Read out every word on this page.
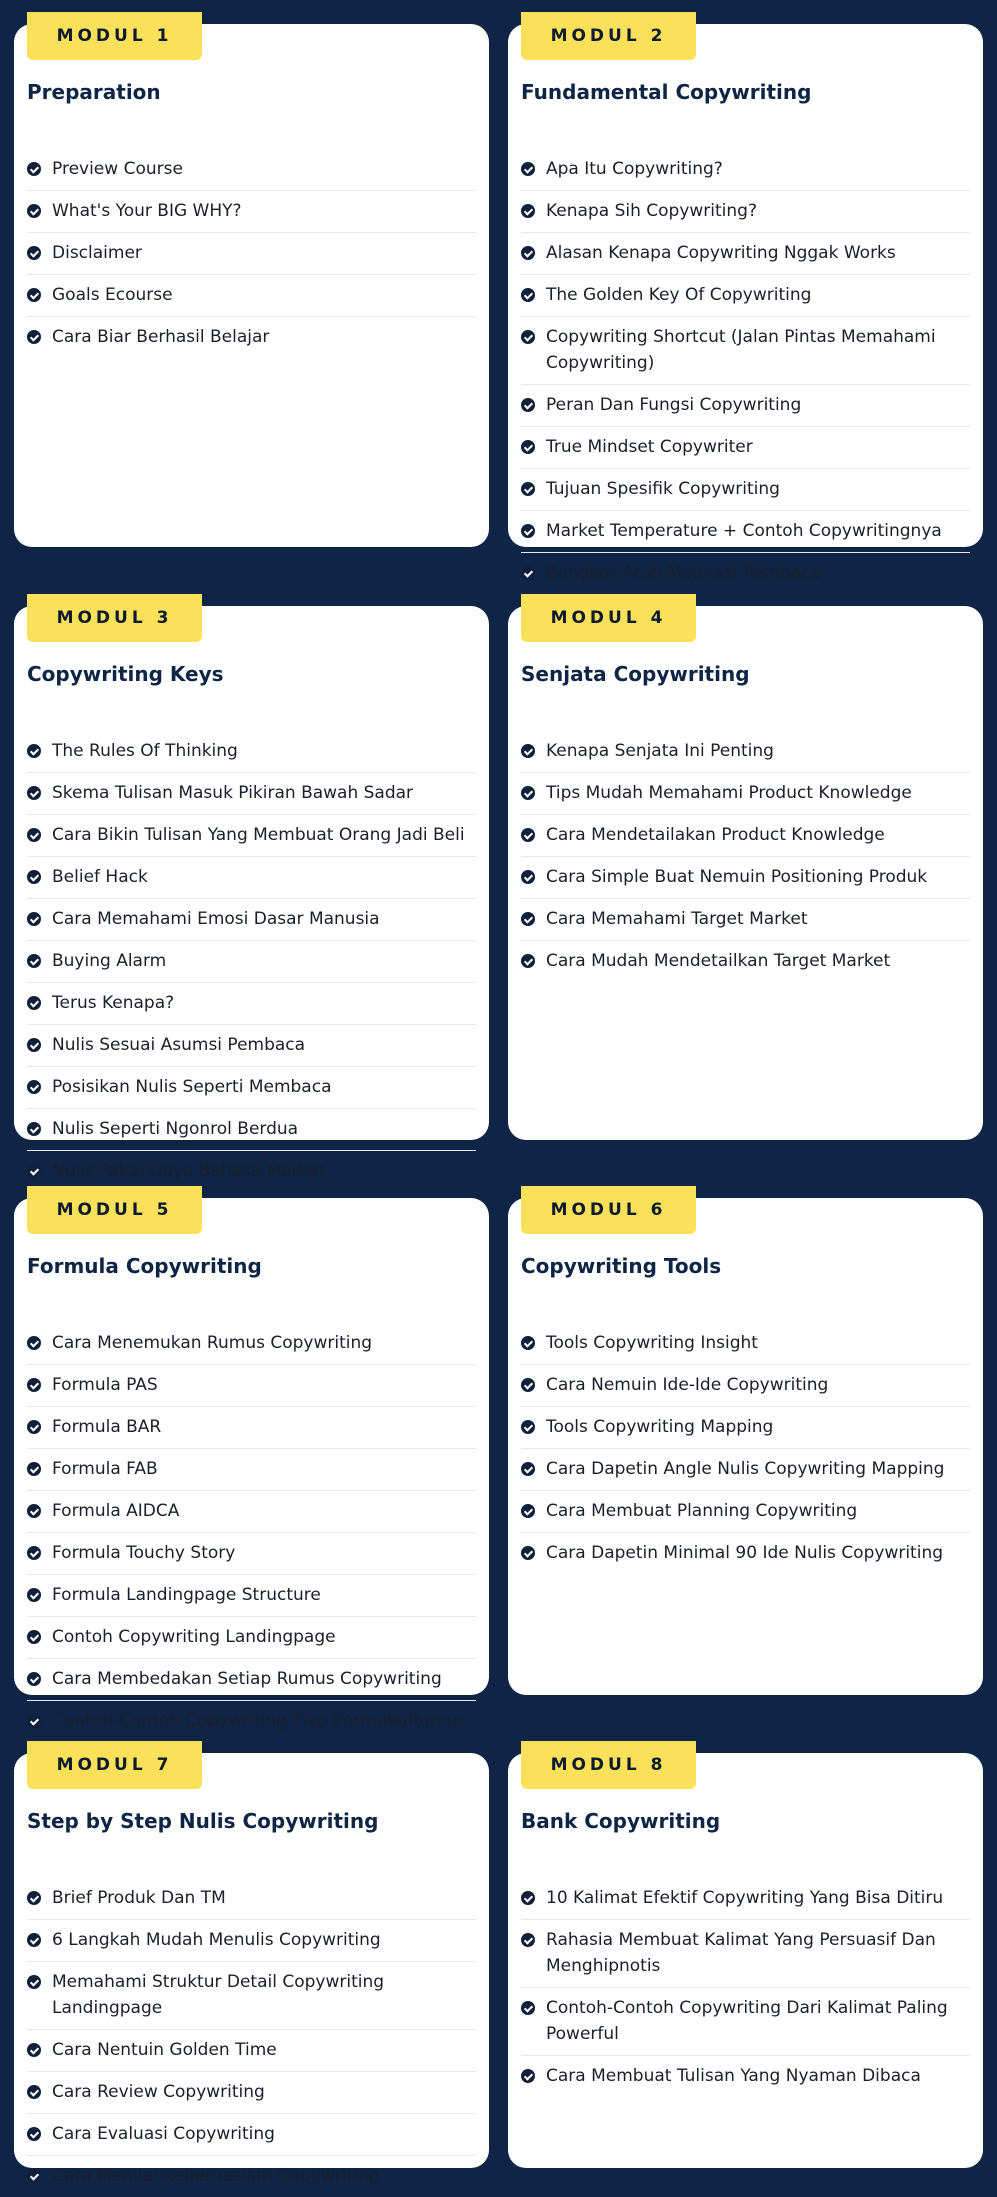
MODUL 1
Preparation
Preview Course
What's Your BIG WHY?
Disclaimer
Goals Ecourse
Cara Biar Berhasil Belajar
MODUL 2
Fundamental Copywriting
Apa Itu Copywriting?
Kenapa Sih Copywriting?
Alasan Kenapa Copywriting Nggak Works
The Golden Key Of Copywriting
Copywriting Shortcut (Jalan Pintas Memahami Copywriting)
Peran Dan Fungsi Copywriting
True Mindset Copywriter
Tujuan Spesifik Copywriting
Market Temperature + Contoh Copywritingnya
Bongkar Arah Motivasi Pembaca
MODUL 3
Copywriting Keys
The Rules Of Thinking
Skema Tulisan Masuk Pikiran Bawah Sadar
Cara Bikin Tulisan Yang Membuat Orang Jadi Beli
Belief Hack
Cara Memahami Emosi Dasar Manusia
Buying Alarm
Terus Kenapa?
Nulis Sesuai Asumsi Pembaca
Posisikan Nulis Seperti Membaca
Nulis Seperti Ngonrol Berdua
Nulis Pakai Gaya Bahasa Market
MODUL 4
Senjata Copywriting
Kenapa Senjata Ini Penting
Tips Mudah Memahami Product Knowledge
Cara Mendetailakan Product Knowledge
Cara Simple Buat Nemuin Positioning Produk
Cara Memahami Target Market
Cara Mudah Mendetailkan Target Market
MODUL 5
Formula Copywriting
Cara Menemukan Rumus Copywriting
Formula PAS
Formula BAR
Formula FAB
Formula AIDCA
Formula Touchy Story
Formula Landingpage Structure
Contoh Copywriting Landingpage
Cara Membedakan Setiap Rumus Copywriting
Contoh-Contoh Copywriting Tiap Formula/Rumus
MODUL 6
Copywriting Tools
Tools Copywriting Insight
Cara Nemuin Ide-Ide Copywriting
Tools Copywriting Mapping
Cara Dapetin Angle Nulis Copywriting Mapping
Cara Membuat Planning Copywriting
Cara Dapetin Minimal 90 Ide Nulis Copywriting
MODUL 7
Step by Step Nulis Copywriting
Brief Produk Dan TM
6 Langkah Mudah Menulis Copywriting
Memahami Struktur Detail Copywriting Landingpage
Cara Nentuin Golden Time
Cara Review Copywriting
Cara Evaluasi Copywriting
Cara Menilai Keberhasilan Copywriting
MODUL 8
Bank Copywriting
10 Kalimat Efektif Copywriting Yang Bisa Ditiru
Rahasia Membuat Kalimat Yang Persuasif Dan Menghipnotis
Contoh-Contoh Copywriting Dari Kalimat Paling Powerful
Cara Membuat Tulisan Yang Nyaman Dibaca
